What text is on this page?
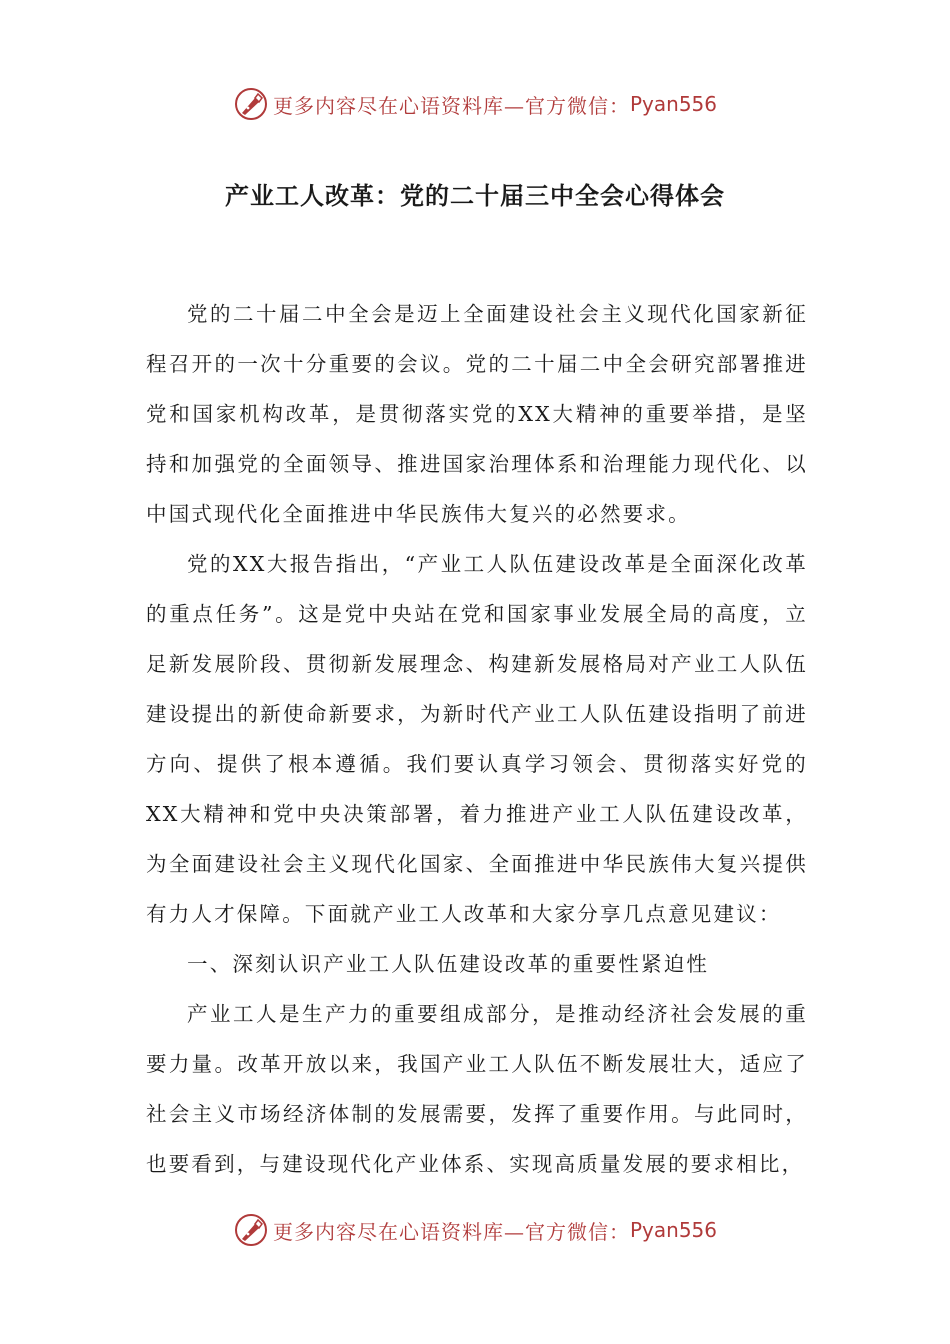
更多内容尽在心语资料库—官方微信： Pyan556
产业工人改革：党的二十届三中全会心得体会

党的二十届二中全会是迈上全面建设社会主义现代化国家新征程召开的一次十分重要的会议。党的二十届二中全会研究部署推进党和国家机构改革，是贯彻落实党的XX大精神的重要举措，是坚持和加强党的全面领导、推进国家治理体系和治理能力现代化、以中国式现代化全面推进中华民族伟大复兴的必然要求。

党的XX大报告指出，“产业工人队伍建设改革是全面深化改革的重点任务”。这是党中央站在党和国家事业发展全局的高度，立足新发展阶段、贯彻新发展理念、构建新发展格局对产业工人队伍建设提出的新使命新要求，为新时代产业工人队伍建设指明了前进方向、提供了根本遵循。我们要认真学习领会、贯彻落实好党的XX大精神和党中央决策部署，着力推进产业工人队伍建设改革，为全面建设社会主义现代化国家、全面推进中华民族伟大复兴提供有力人才保障。下面就产业工人改革和大家分享几点意见建议：

一、深刻认识产业工人队伍建设改革的重要性紧迫性

产业工人是生产力的重要组成部分，是推动经济社会发展的重要力量。改革开放以来，我国产业工人队伍不断发展壮大，适应了社会主义市场经济体制的发展需要，发挥了重要作用。与此同时，也要看到，与建设现代化产业体系、实现高质量发展的要求相比，

更多内容尽在心语资料库—官方微信： Pyan556
